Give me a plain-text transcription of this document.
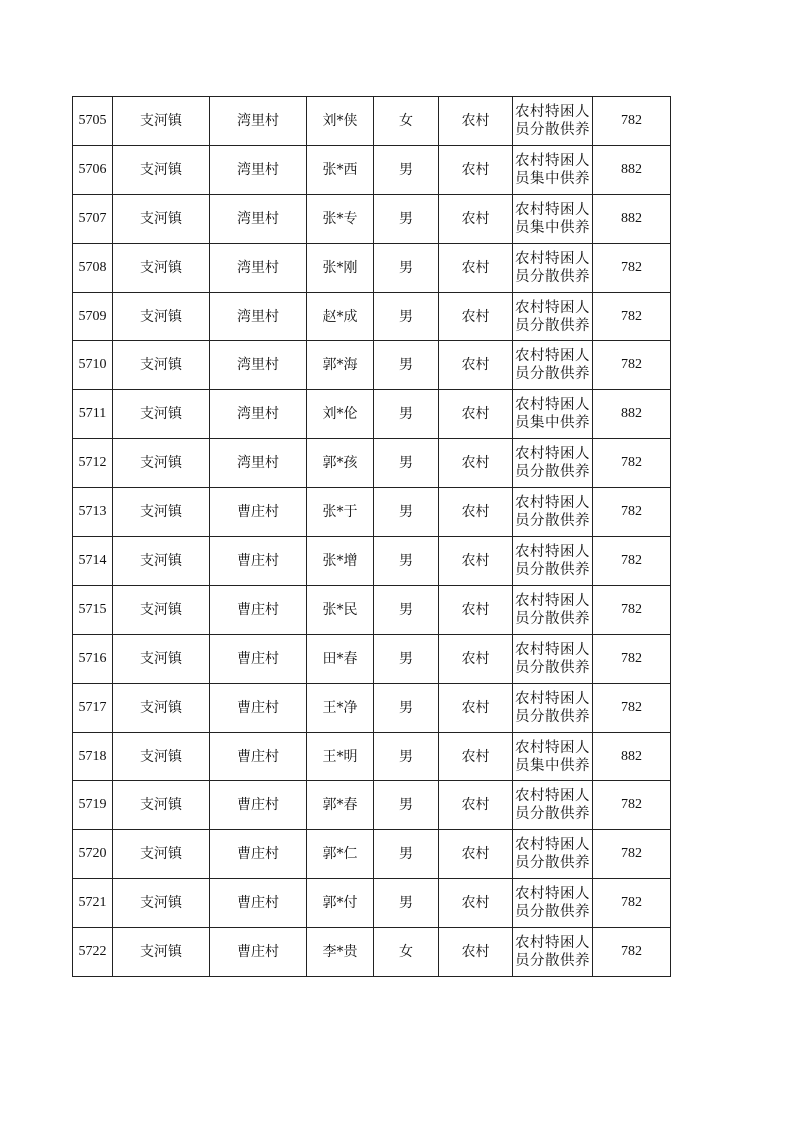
5705	支河镇	湾里村	刘*侠	女	农村	农村特困人员分散供养	782
5706	支河镇	湾里村	张*西	男	农村	农村特困人员集中供养	882
5707	支河镇	湾里村	张*专	男	农村	农村特困人员集中供养	882
5708	支河镇	湾里村	张*刚	男	农村	农村特困人员分散供养	782
5709	支河镇	湾里村	赵*成	男	农村	农村特困人员分散供养	782
5710	支河镇	湾里村	郭*海	男	农村	农村特困人员分散供养	782
5711	支河镇	湾里村	刘*伦	男	农村	农村特困人员集中供养	882
5712	支河镇	湾里村	郭*孩	男	农村	农村特困人员分散供养	782
5713	支河镇	曹庄村	张*于	男	农村	农村特困人员分散供养	782
5714	支河镇	曹庄村	张*增	男	农村	农村特困人员分散供养	782
5715	支河镇	曹庄村	张*民	男	农村	农村特困人员分散供养	782
5716	支河镇	曹庄村	田*春	男	农村	农村特困人员分散供养	782
5717	支河镇	曹庄村	王*净	男	农村	农村特困人员分散供养	782
5718	支河镇	曹庄村	王*明	男	农村	农村特困人员集中供养	882
5719	支河镇	曹庄村	郭*春	男	农村	农村特困人员分散供养	782
5720	支河镇	曹庄村	郭*仁	男	农村	农村特困人员分散供养	782
5721	支河镇	曹庄村	郭*付	男	农村	农村特困人员分散供养	782
5722	支河镇	曹庄村	李*贵	女	农村	农村特困人员分散供养	782
